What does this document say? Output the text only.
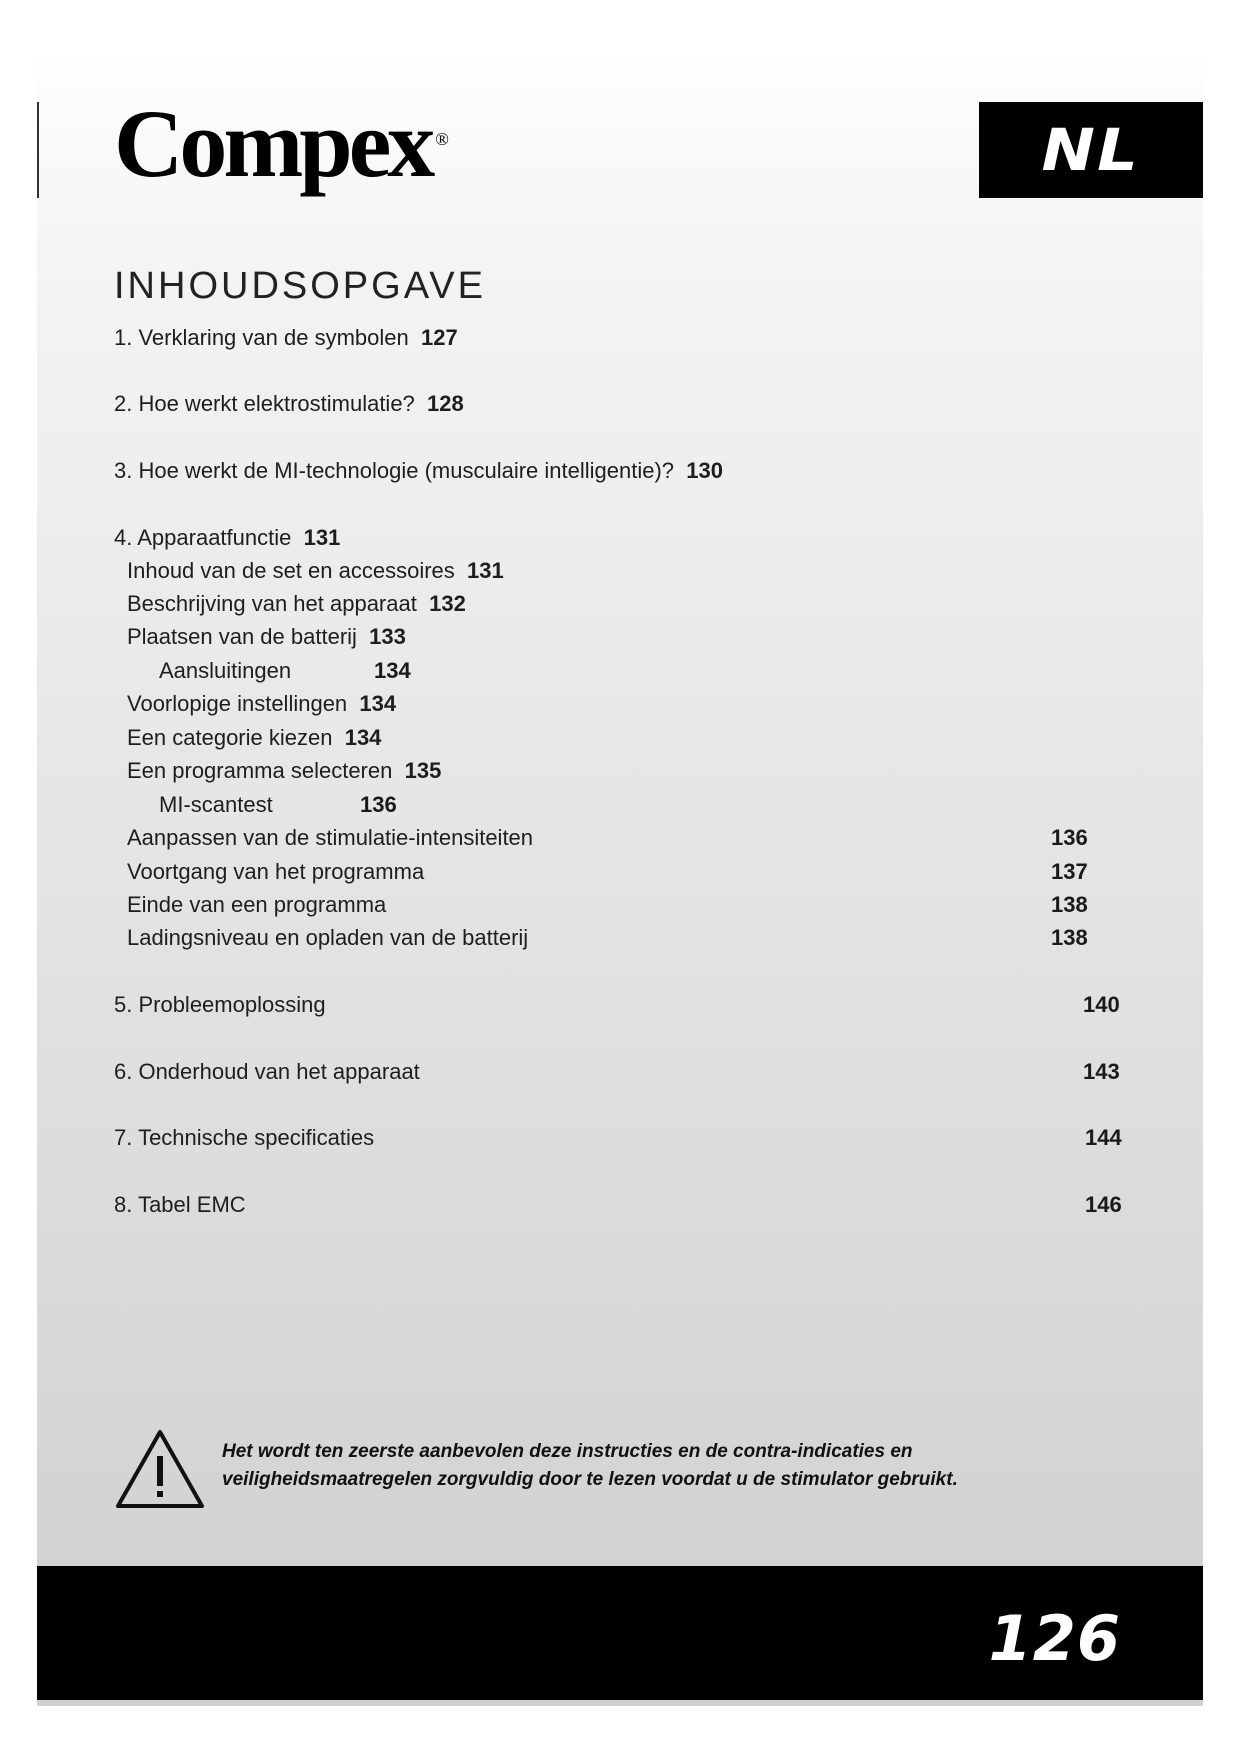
Compex ®	NL
INHOUDSOPGAVE
1. Verklaring van de symbolen 127
2. Hoe werkt elektrostimulatie? 128
3. Hoe werkt de MI-technologie (musculaire intelligentie)? 130
4. Apparaatfunctie 131
Inhoud van de set en accessoires 131
Beschrijving van het apparaat 132
Plaatsen van de batterij 133
Aansluitingen	134
Voorlopige instellingen 134
Een categorie kiezen 134
Een programma selecteren 135
MI-scantest	136
Aanpassen van de stimulatie-intensiteiten	136
Voortgang van het programma	137
Einde van een programma	138
Ladingsniveau en opladen van de batterij	138
5. Probleemoplossing	140
6. Onderhoud van het apparaat	143
7. Technische specificaties	144
8. Tabel EMC	146
Het wordt ten zeerste aanbevolen deze instructies en de contra-indicaties en
veiligheidsmaatregelen zorgvuldig door te lezen voordat u de stimulator gebruikt.
126
